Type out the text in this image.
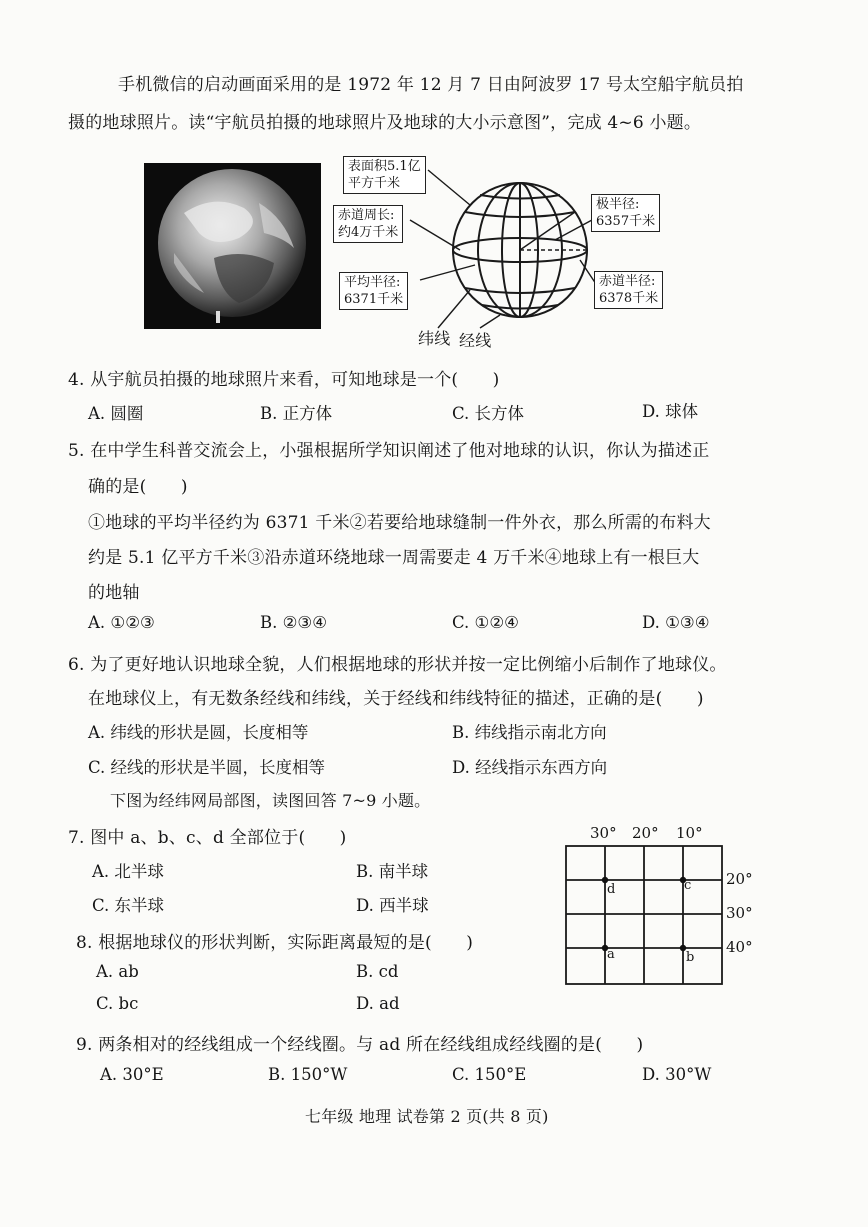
手机微信的启动画面采用的是 1972 年 12 月 7 日由阿波罗 17 号太空船宇航员拍
摄的地球照片。读“宇航员拍摄的地球照片及地球的大小示意图”，完成 4~6 小题。
表面积5.1亿
平方千米
赤道周长:
约4万千米
平均半径:
6371千米
极半径:
6357千米
赤道半径:
6378千米
纬线 经线
4. 从宇航员拍摄的地球照片来看，可知地球是一个(　　)
A. 圆圈	B. 正方体	C. 长方体	D. 球体
5. 在中学生科普交流会上，小强根据所学知识阐述了他对地球的认识，你认为描述正
确的是(　　)
①地球的平均半径约为 6371 千米②若要给地球缝制一件外衣，那么所需的布料大
约是 5.1 亿平方千米③沿赤道环绕地球一周需要走 4 万千米④地球上有一根巨大
的地轴
A. ①②③	B. ②③④	C. ①②④	D. ①③④
6. 为了更好地认识地球全貌，人们根据地球的形状并按一定比例缩小后制作了地球仪。
在地球仪上，有无数条经线和纬线，关于经线和纬线特征的描述，正确的是(　　)
A. 纬线的形状是圆，长度相等	B. 纬线指示南北方向
C. 经线的形状是半圆，长度相等	D. 经线指示东西方向
下图为经纬网局部图，读图回答 7~9 小题。
7. 图中 a、b、c、d 全部位于(　　)
A. 北半球	B. 南半球
C. 东半球	D. 西半球
8. 根据地球仪的形状判断，实际距离最短的是(　　)
A. ab	B. cd
C. bc	D. ad
9. 两条相对的经线组成一个经线圈。与 ad 所在经线组成经线圈的是(　　)
A. 30°E	B. 150°W	C. 150°E	D. 30°W
30° 20° 10°
20°
30°
40°
d	c
a	b
七年级 地理 试卷第 2 页(共 8 页)
